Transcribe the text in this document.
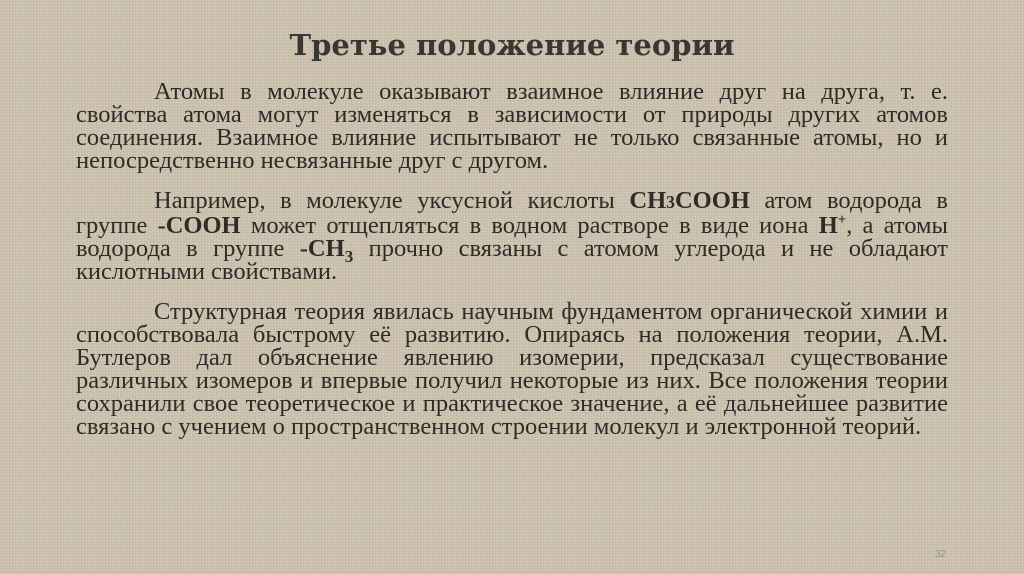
Третье положение теории

Атомы в молекуле оказывают взаимное влияние друг на друга, т. е. свойства атома могут изменяться в зависимости от природы других атомов соединения. Взаимное влияние испытывают не только связанные атомы, но и непосредственно несвязанные друг с другом.

Например, в молекуле уксусной кислоты CH3COOH атом водорода в группе -COOH может отщепляться в водном растворе в виде иона H+, а атомы водорода в группе $-CH_3$ прочно связаны с атомом углерода и не обладают кислотными свойствами.

Структурная теория явилась научным фундаментом органической химии и способствовала быстрому её развитию. Опираясь на положения теории, А.М. Бутлеров дал объяснение явлению изомерии, предсказал существование различных изомеров и впервые получил некоторые из них. Все положения теории сохранили свое теоретическое и практическое значение, а её дальнейшее развитие связано с учением о пространственном строении молекул и электронной теорий.

32
